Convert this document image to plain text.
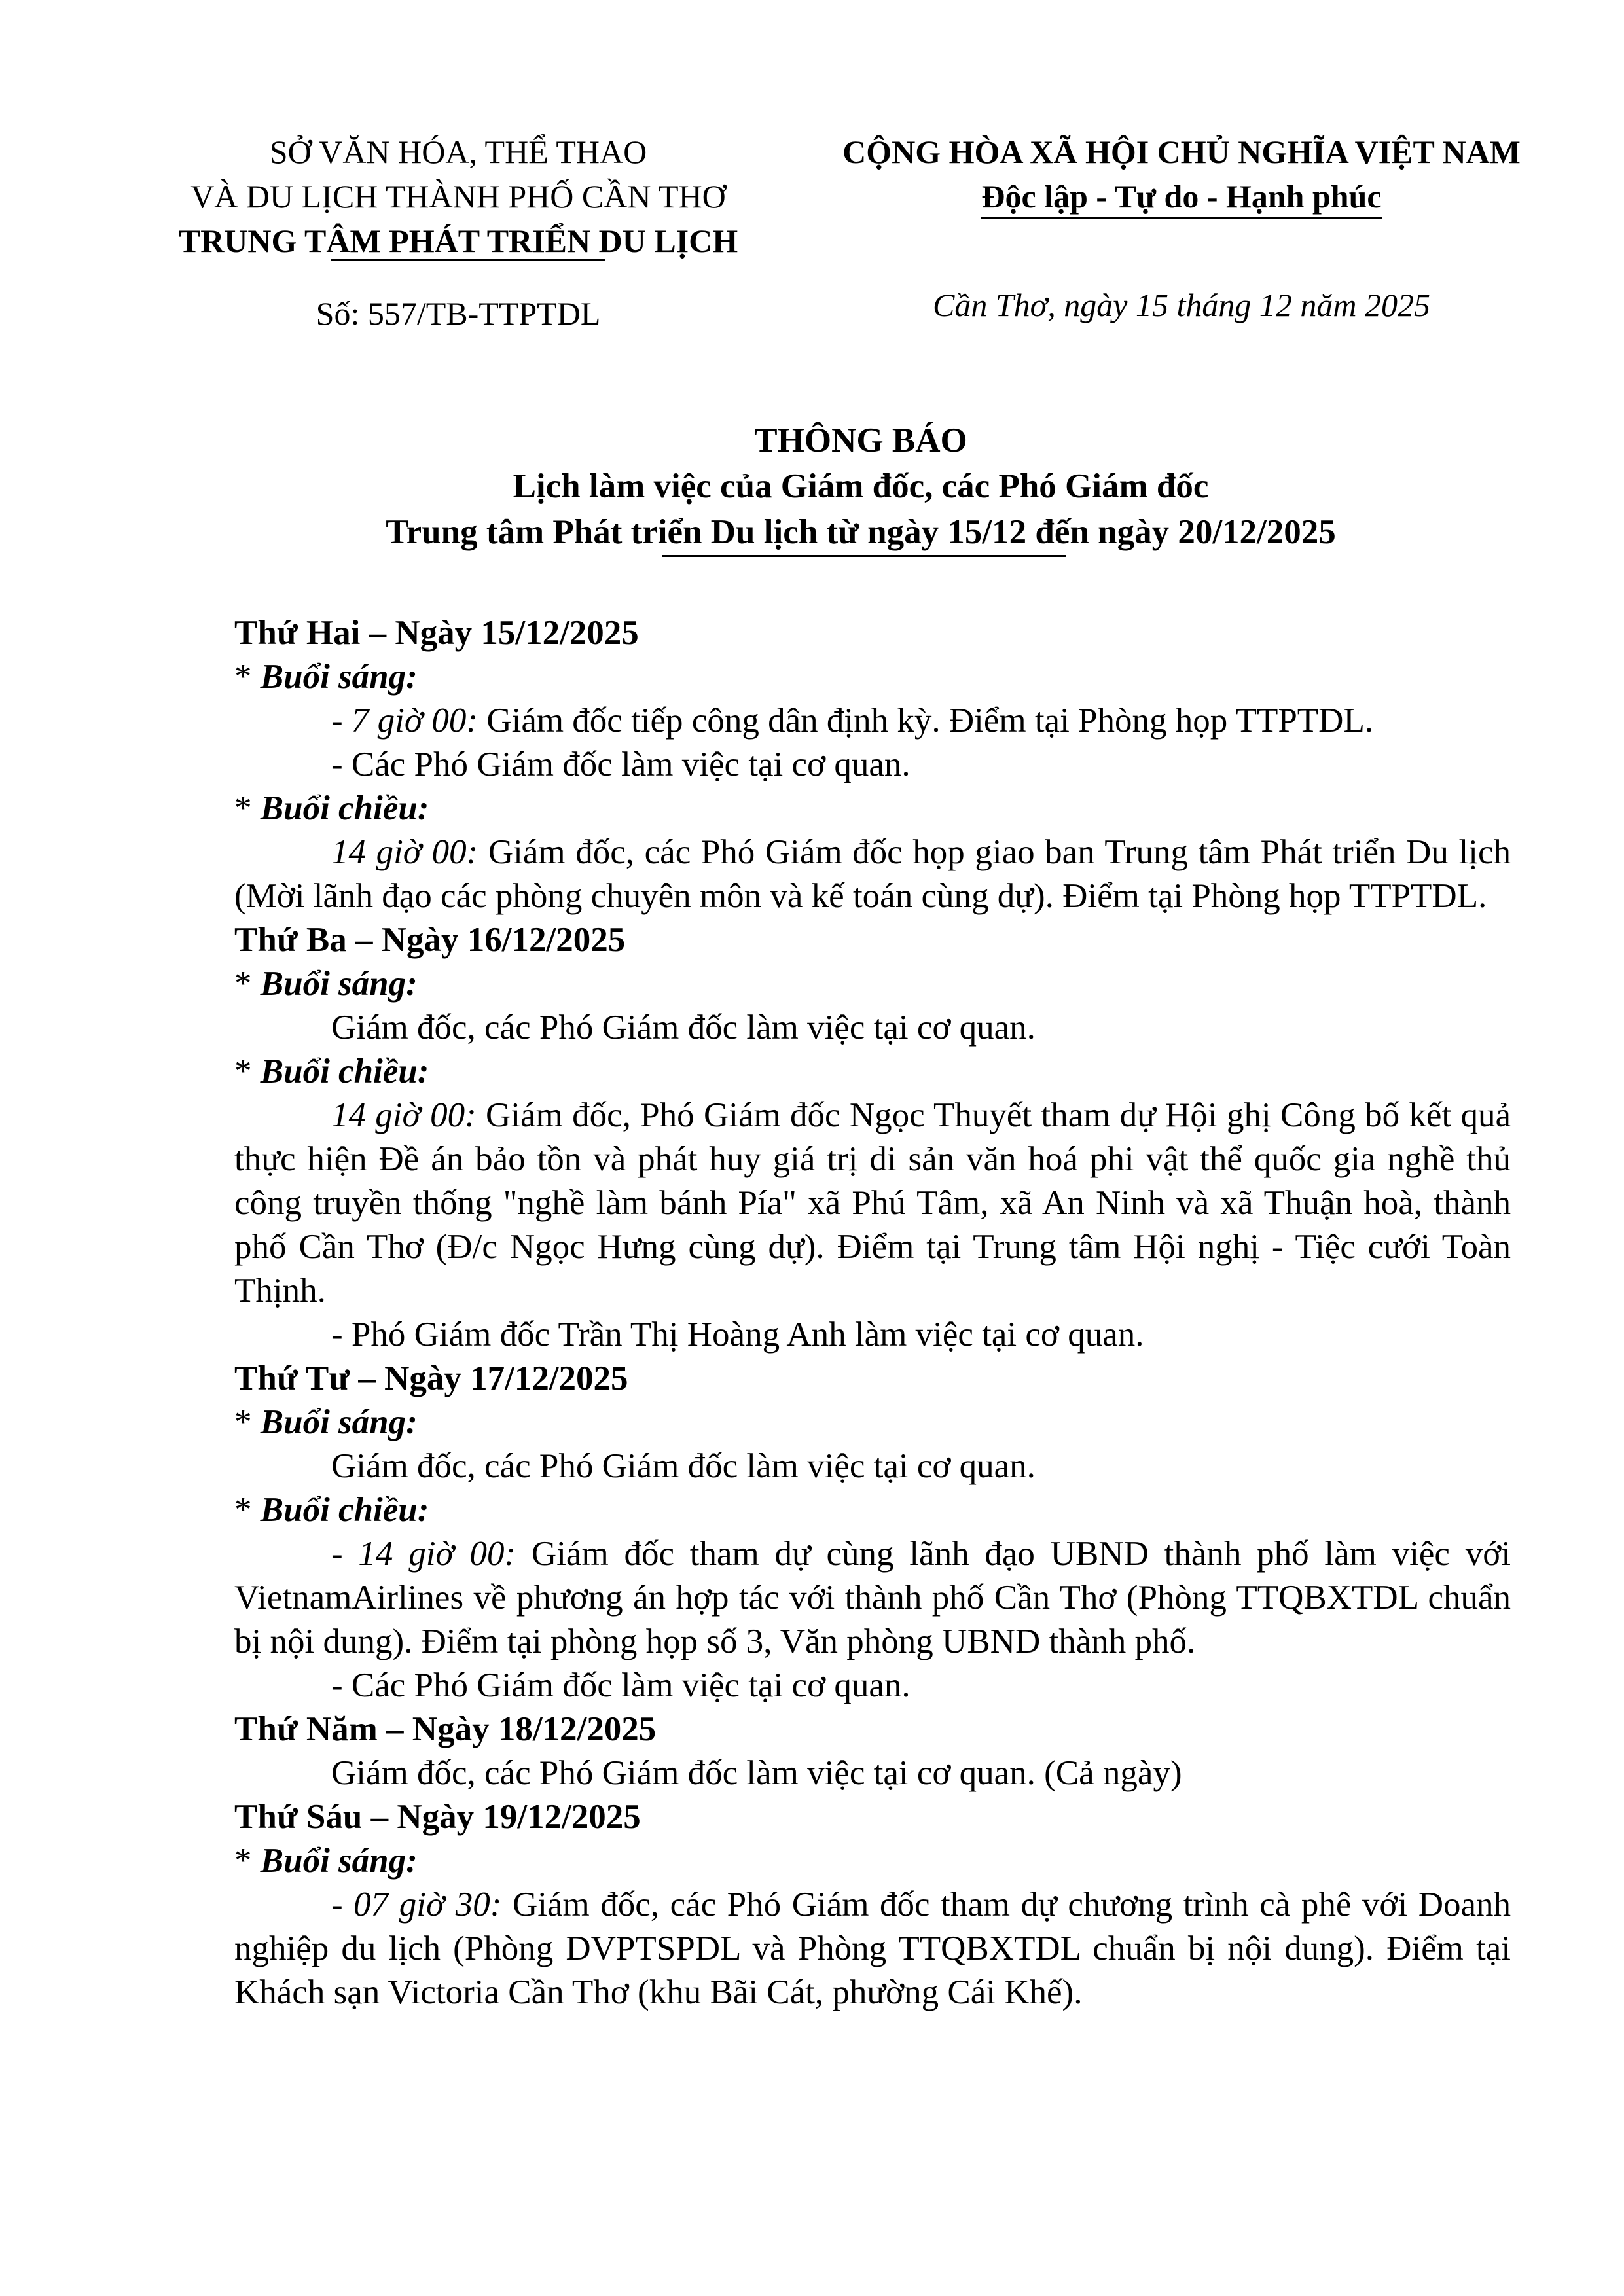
SỞ VĂN HÓA, THỂ THAO
VÀ DU LỊCH THÀNH PHỐ CẦN THƠ
TRUNG TÂM PHÁT TRIỂN DU LỊCH
Số: 557/TB-TTPTDL
CỘNG HÒA XÃ HỘI CHỦ NGHĨA VIỆT NAM
Độc lập - Tự do - Hạnh phúc
Cần Thơ, ngày 15 tháng 12 năm 2025
THÔNG BÁO
Lịch làm việc của Giám đốc, các Phó Giám đốc
Trung tâm Phát triển Du lịch từ ngày 15/12 đến ngày 20/12/2025
Thứ Hai – Ngày 15/12/2025
* Buổi sáng:
- 7 giờ 00: Giám đốc tiếp công dân định kỳ. Điểm tại Phòng họp TTPTDL.
- Các Phó Giám đốc làm việc tại cơ quan.
* Buổi chiều:
14 giờ 00: Giám đốc, các Phó Giám đốc họp giao ban Trung tâm Phát triển Du lịch (Mời lãnh đạo các phòng chuyên môn và kế toán cùng dự). Điểm tại Phòng họp TTPTDL.
Thứ Ba – Ngày 16/12/2025
* Buổi sáng:
Giám đốc, các Phó Giám đốc làm việc tại cơ quan.
* Buổi chiều:
14 giờ 00: Giám đốc, Phó Giám đốc Ngọc Thuyết tham dự Hội ghị Công bố kết quả thực hiện Đề án bảo tồn và phát huy giá trị di sản văn hoá phi vật thể quốc gia nghề thủ công truyền thống "nghề làm bánh Pía" xã Phú Tâm, xã An Ninh và xã Thuận hoà, thành phố Cần Thơ (Đ/c Ngọc Hưng cùng dự). Điểm tại Trung tâm Hội nghị - Tiệc cưới Toàn Thịnh.
- Phó Giám đốc Trần Thị Hoàng Anh làm việc tại cơ quan.
Thứ Tư – Ngày 17/12/2025
* Buổi sáng:
Giám đốc, các Phó Giám đốc làm việc tại cơ quan.
* Buổi chiều:
- 14 giờ 00: Giám đốc tham dự cùng lãnh đạo UBND thành phố làm việc với VietnamAirlines về phương án hợp tác với thành phố Cần Thơ (Phòng TTQBXTDL chuẩn bị nội dung). Điểm tại phòng họp số 3, Văn phòng UBND thành phố.
- Các Phó Giám đốc làm việc tại cơ quan.
Thứ Năm – Ngày 18/12/2025
Giám đốc, các Phó Giám đốc làm việc tại cơ quan. (Cả ngày)
Thứ Sáu – Ngày 19/12/2025
* Buổi sáng:
- 07 giờ 30: Giám đốc, các Phó Giám đốc tham dự chương trình cà phê với Doanh nghiệp du lịch (Phòng DVPTSPDL và Phòng TTQBXTDL chuẩn bị nội dung). Điểm tại Khách sạn Victoria Cần Thơ (khu Bãi Cát, phường Cái Khế).
